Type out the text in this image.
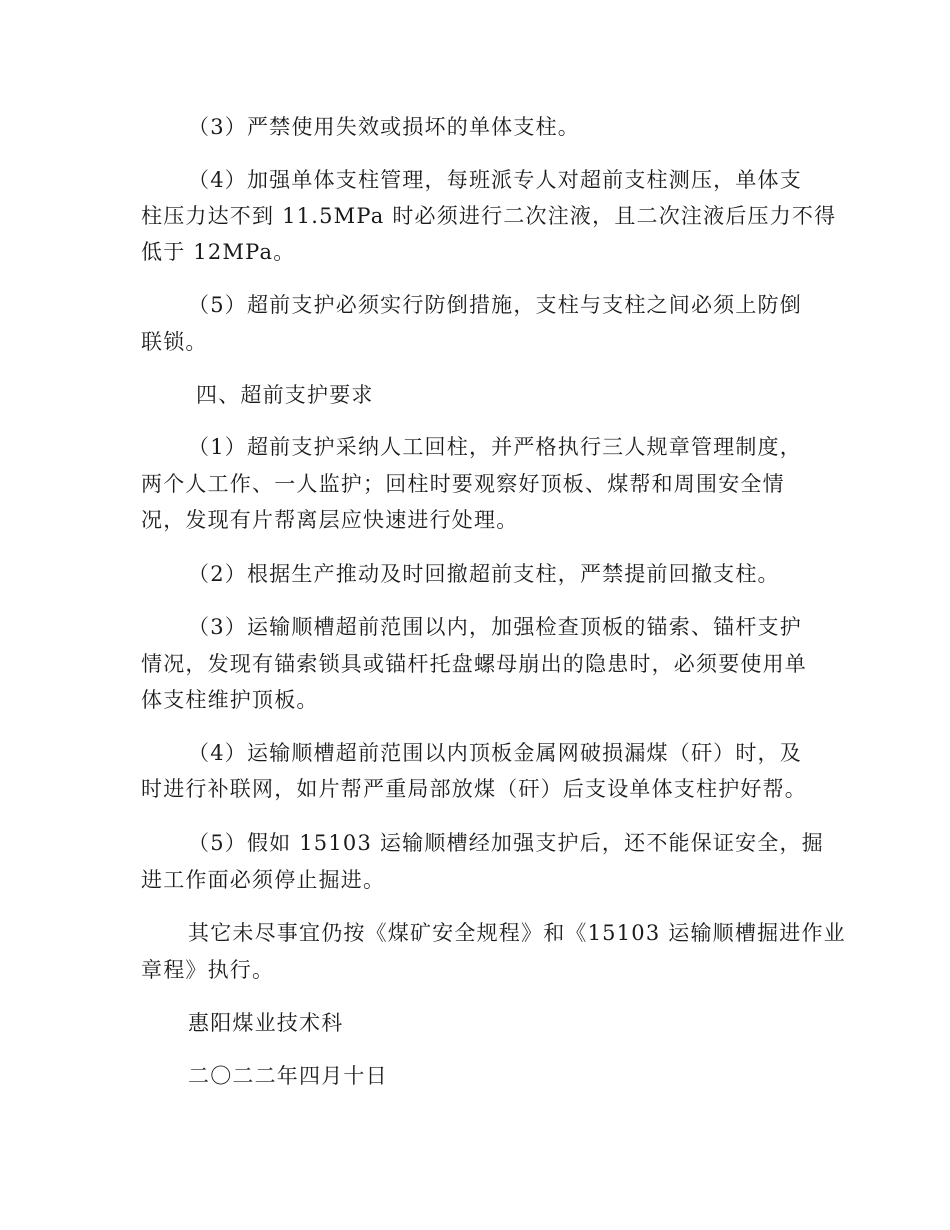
（3）严禁使用失效或损坏的单体支柱。
（4）加强单体支柱管理，每班派专人对超前支柱测压，单体支
柱压力达不到 11.5MPa 时必须进行二次注液，且二次注液后压力不得
低于 12MPa。
（5）超前支护必须实行防倒措施，支柱与支柱之间必须上防倒
联锁。
四、超前支护要求
（1）超前支护采纳人工回柱，并严格执行三人规章管理制度，
两个人工作、一人监护；回柱时要观察好顶板、煤帮和周围安全情
况，发现有片帮离层应快速进行处理。
（2）根据生产推动及时回撤超前支柱，严禁提前回撤支柱。
（3）运输顺槽超前范围以内，加强检查顶板的锚索、锚杆支护
情况，发现有锚索锁具或锚杆托盘螺母崩出的隐患时，必须要使用单
体支柱维护顶板。
（4）运输顺槽超前范围以内顶板金属网破损漏煤（矸）时，及
时进行补联网，如片帮严重局部放煤（矸）后支设单体支柱护好帮。
（5）假如 15103 运输顺槽经加强支护后，还不能保证安全，掘
进工作面必须停止掘进。
其它未尽事宜仍按《煤矿安全规程》和《15103 运输顺槽掘进作业
章程》执行。
惠阳煤业技术科
二〇二二年四月十日
